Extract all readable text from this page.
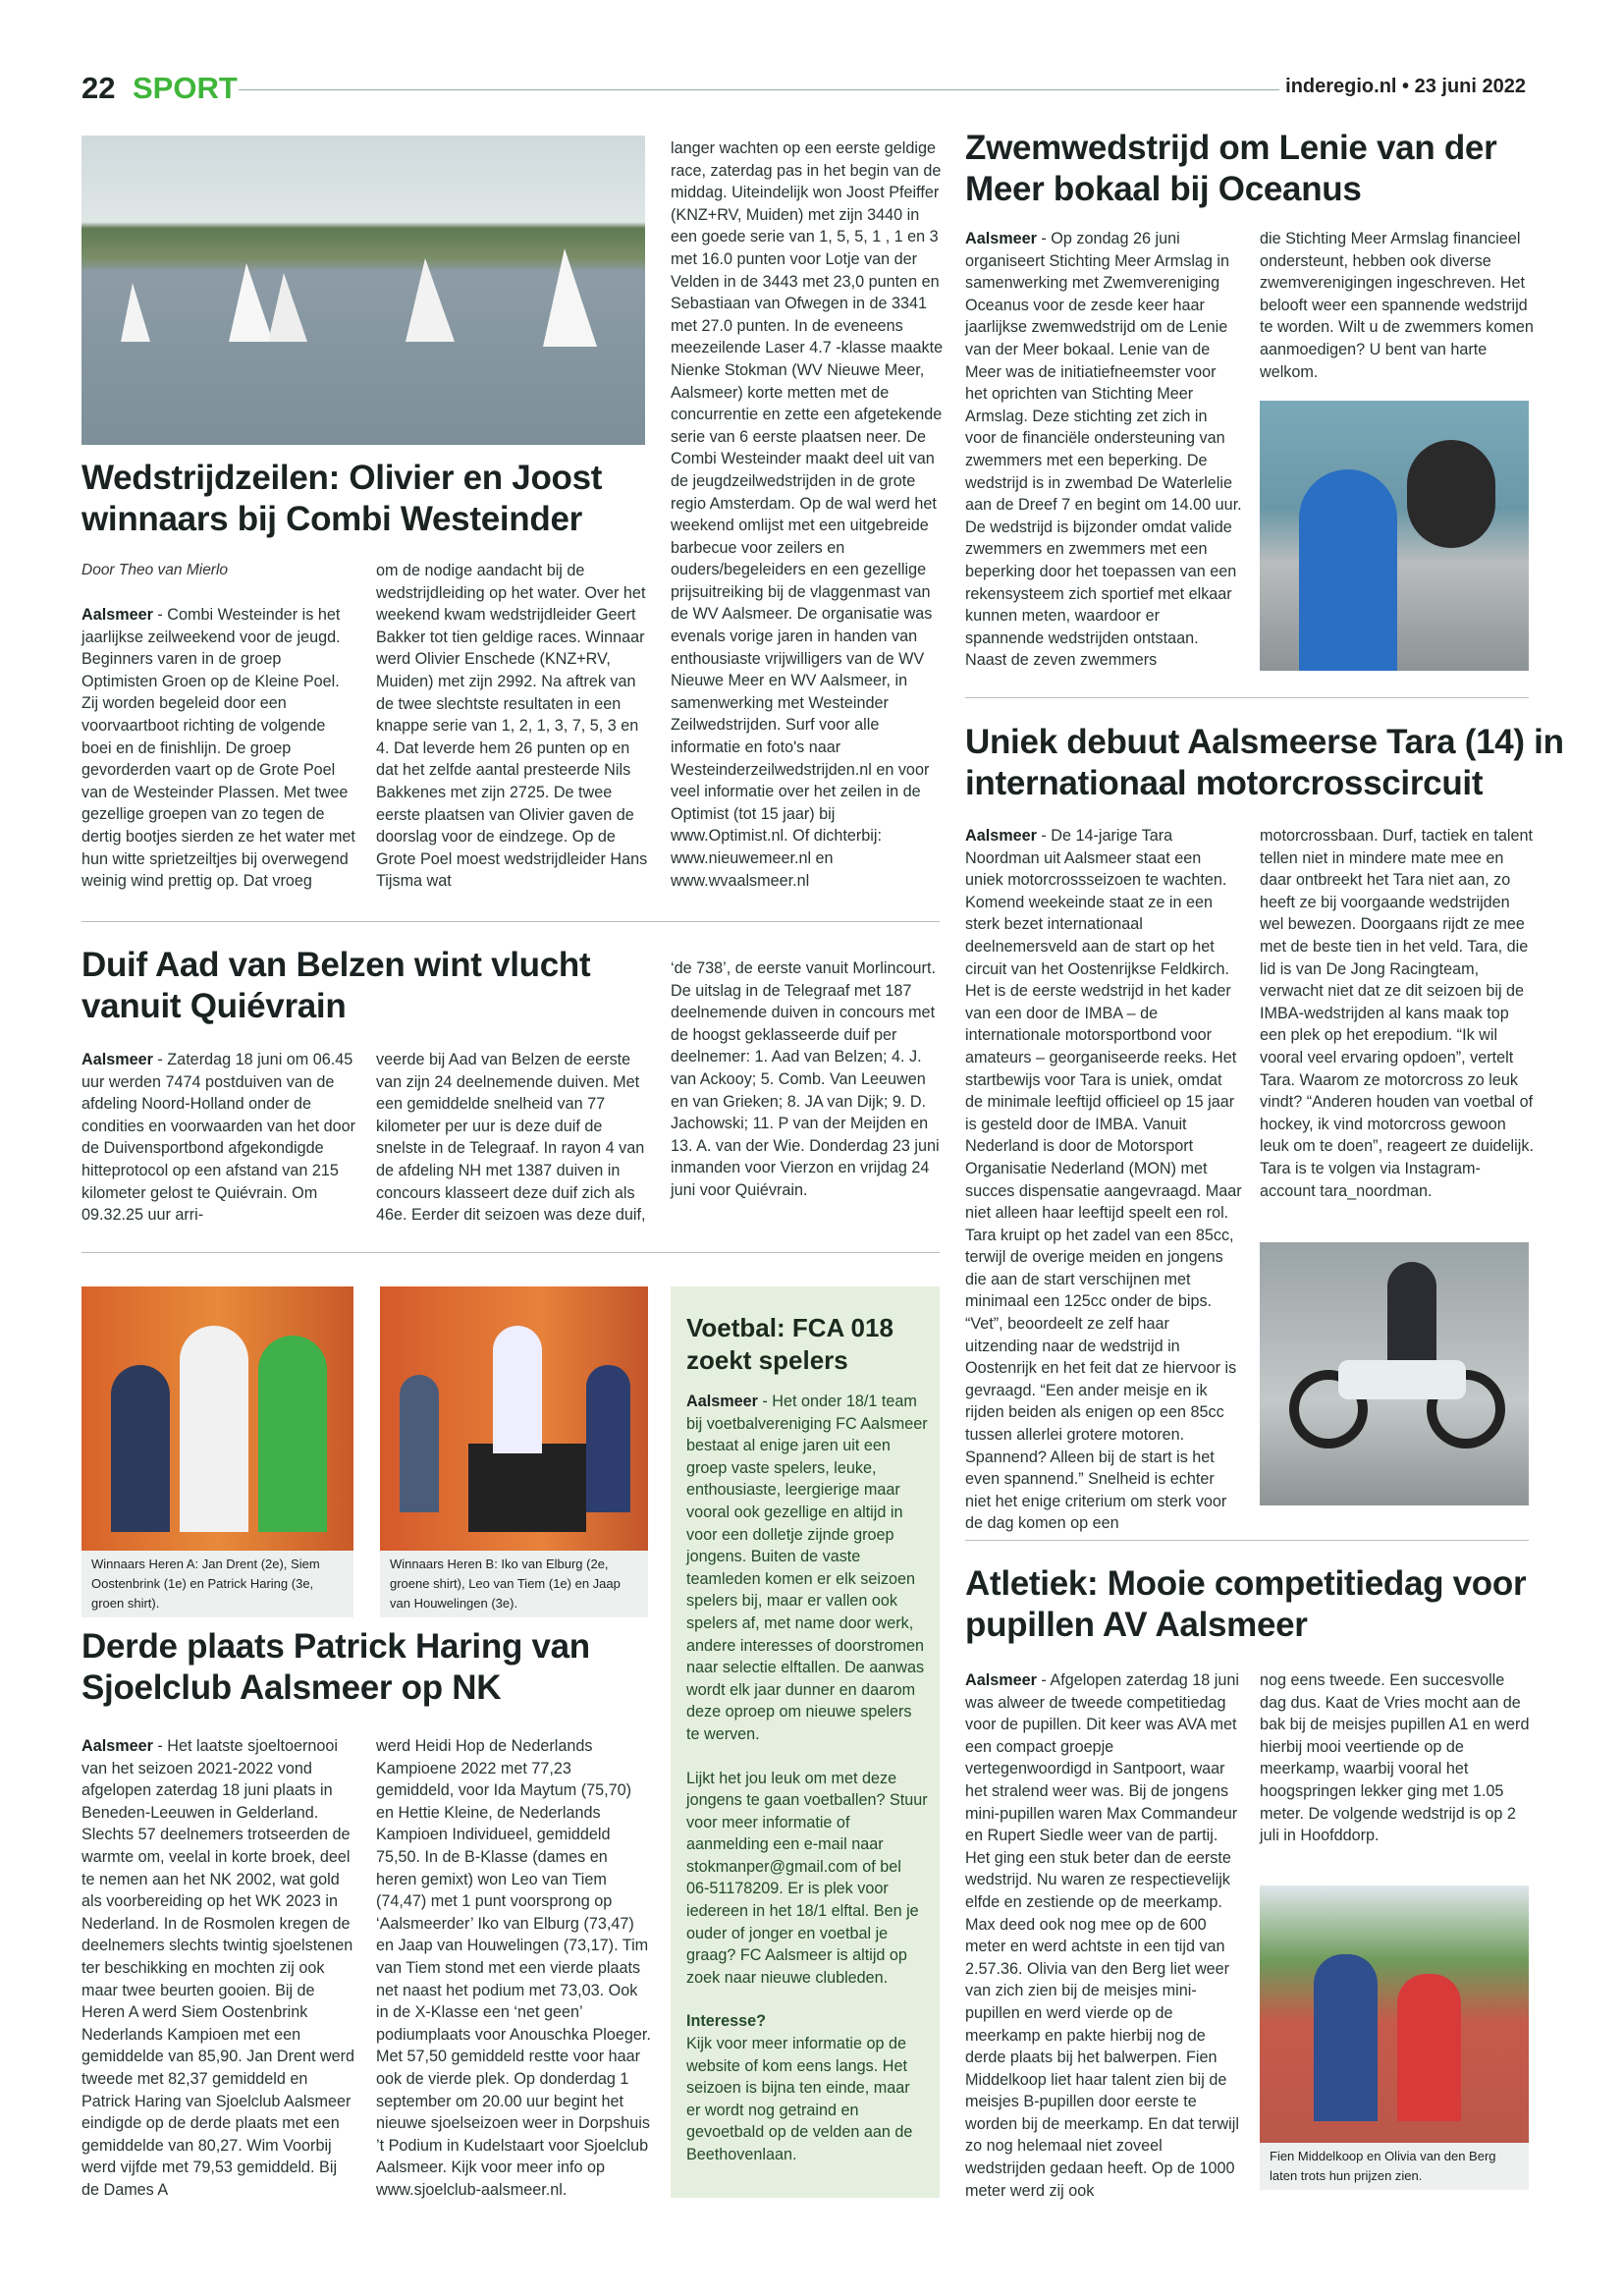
22 SPORT	inderegio.nl • 23 juni 2022
Wedstrijdzeilen: Olivier en Joost winnaars bij Combi Westeinder
Door Theo van Mierlo
Aalsmeer - Combi Westeinder is het jaarlijkse zeilweekend voor de jeugd. Beginners varen in de groep Optimisten Groen op de Kleine Poel. Zij worden begeleid door een voorvaartboot richting de volgende boei en de finishlijn. De groep gevorderden vaart op de Grote Poel van de Westeinder Plassen. Met twee gezellige groepen van zo tegen de dertig bootjes sierden ze het water met hun witte sprietzeiltjes bij overwegend weinig wind prettig op. Dat vroeg
om de nodige aandacht bij de wedstrijdleiding op het water. Over het weekend kwam wedstrijdleider Geert Bakker tot tien geldige races. Winnaar werd Olivier Enschede (KNZ+RV, Muiden) met zijn 2992. Na aftrek van de twee slechtste resultaten in een knappe serie van 1, 2, 1, 3, 7, 5, 3 en 4. Dat leverde hem 26 punten op en dat het zelfde aantal presteerde Nils Bakkenes met zijn 2725. De twee eerste plaatsen van Olivier gaven de doorslag voor de eindzege. Op de Grote Poel moest wedstrijdleider Hans Tijsma wat
langer wachten op een eerste geldige race, zaterdag pas in het begin van de middag. Uiteindelijk won Joost Pfeiffer (KNZ+RV, Muiden) met zijn 3440 in een goede serie van 1, 5, 5, 1 , 1 en 3 met 16.0 punten voor Lotje van der Velden in de 3443 met 23,0 punten en Sebastiaan van Ofwegen in de 3341 met 27.0 punten. In de eveneens meezeilende Laser 4.7 -klasse maakte Nienke Stokman (WV Nieuwe Meer, Aalsmeer) korte metten met de concurrentie en zette een afgetekende serie van 6 eerste plaatsen neer. De Combi Westeinder maakt deel uit van de jeugdzeilwedstrijden in de grote regio Amsterdam. Op de wal werd het weekend omlijst met een uitgebreide barbecue voor zeilers en ouders/begeleiders en een gezellige prijsuitreiking bij de vlaggenmast van de WV Aalsmeer. De organisatie was evenals vorige jaren in handen van enthousiaste vrijwilligers van de WV Nieuwe Meer en WV Aalsmeer, in samenwerking met Westeinder Zeilwedstrijden. Surf voor alle informatie en foto's naar Westeinderzeilwedstrijden.nl en voor veel informatie over het zeilen in de Optimist (tot 15 jaar) bij www.Optimist.nl. Of dichterbij: www.nieuwemeer.nl en www.wvaalsmeer.nl
Duif Aad van Belzen wint vlucht vanuit Quiévrain
Aalsmeer - Zaterdag 18 juni om 06.45 uur werden 7474 postduiven van de afdeling Noord-Holland onder de condities en voorwaarden van het door de Duivensportbond afgekondigde hitteprotocol op een afstand van 215 kilometer gelost te Quiévrain. Om 09.32.25 uur arri-
veerde bij Aad van Belzen de eerste van zijn 24 deelnemende duiven. Met een gemiddelde snelheid van 77 kilometer per uur is deze duif de snelste in de Telegraaf. In rayon 4 van de afdeling NH met 1387 duiven in concours klasseert deze duif zich als 46e. Eerder dit seizoen was deze duif,
‘de 738’, de eerste vanuit Morlincourt. De uitslag in de Telegraaf met 187 deelnemende duiven in concours met de hoogst geklasseerde duif per deelnemer: 1. Aad van Belzen; 4. J. van Ackooy; 5. Comb. Van Leeuwen en van Grieken; 8. JA van Dijk; 9. D. Jachowski; 11. P van der Meijden en 13. A. van der Wie. Donderdag 23 juni inmanden voor Vierzon en vrijdag 24 juni voor Quiévrain.
Winnaars Heren A: Jan Drent (2e), Siem Oostenbrink (1e) en Patrick Haring (3e, groen shirt).
Winnaars Heren B: Iko van Elburg (2e, groene shirt), Leo van Tiem (1e) en Jaap van Houwelingen (3e).
Derde plaats Patrick Haring van Sjoelclub Aalsmeer op NK
Aalsmeer - Het laatste sjoeltoernooi van het seizoen 2021-2022 vond afgelopen zaterdag 18 juni plaats in Beneden-Leeuwen in Gelderland. Slechts 57 deelnemers trotseerden de warmte om, veelal in korte broek, deel te nemen aan het NK 2002, wat gold als voorbereiding op het WK 2023 in Nederland. In de Rosmolen kregen de deelnemers slechts twintig sjoelstenen ter beschikking en mochten zij ook maar twee beurten gooien. Bij de Heren A werd Siem Oostenbrink Nederlands Kampioen met een gemiddelde van 85,90. Jan Drent werd tweede met 82,37 gemiddeld en Patrick Haring van Sjoelclub Aalsmeer eindigde op de derde plaats met een gemiddelde van 80,27. Wim Voorbij werd vijfde met 79,53 gemiddeld. Bij de Dames A
werd Heidi Hop de Nederlands Kampioene 2022 met 77,23 gemiddeld, voor Ida Maytum (75,70) en Hettie Kleine, de Nederlands Kampioen Individueel, gemiddeld 75,50. In de B-Klasse (dames en heren gemixt) won Leo van Tiem (74,47) met 1 punt voorsprong op ‘Aalsmeerder’ Iko van Elburg (73,47) en Jaap van Houwelingen (73,17). Tim van Tiem stond met een vierde plaats net naast het podium met 73,03. Ook in de X-Klasse een ‘net geen’ podiumplaats voor Anouschka Ploeger. Met 57,50 gemiddeld restte voor haar ook de vierde plek. Op donderdag 1 september om 20.00 uur begint het nieuwe sjoelseizoen weer in Dorpshuis ’t Podium in Kudelstaart voor Sjoelclub Aalsmeer. Kijk voor meer info op www.sjoelclub-aalsmeer.nl.
Voetbal: FCA 018 zoekt spelers
Aalsmeer - Het onder 18/1 team bij voetbalvereniging FC Aalsmeer bestaat al enige jaren uit een groep vaste spelers, leuke, enthousiaste, leergierige maar vooral ook gezellige en altijd in voor een dolletje zijnde groep jongens. Buiten de vaste teamleden komen er elk seizoen spelers bij, maar er vallen ook spelers af, met name door werk, andere interesses of doorstromen naar selectie elftallen. De aanwas wordt elk jaar dunner en daarom deze oproep om nieuwe spelers te werven.
Lijkt het jou leuk om met deze jongens te gaan voetballen? Stuur voor meer informatie of aanmelding een e-mail naar stokmanper@gmail.com of bel 06-51178209. Er is plek voor iedereen in het 18/1 elftal. Ben je ouder of jonger en voetbal je graag? FC Aalsmeer is altijd op zoek naar nieuwe clubleden.
Interesse?
Kijk voor meer informatie op de website of kom eens langs. Het seizoen is bijna ten einde, maar er wordt nog getraind en gevoetbald op de velden aan de Beethovenlaan.
Zwemwedstrijd om Lenie van der Meer bokaal bij Oceanus
Aalsmeer - Op zondag 26 juni organiseert Stichting Meer Armslag in samenwerking met Zwemvereniging Oceanus voor de zesde keer haar jaarlijkse zwemwedstrijd om de Lenie van der Meer bokaal. Lenie van de Meer was de initiatiefneemster voor het oprichten van Stichting Meer Armslag. Deze stichting zet zich in voor de financiële ondersteuning van zwemmers met een beperking. De wedstrijd is in zwembad De Waterlelie aan de Dreef 7 en begint om 14.00 uur. De wedstrijd is bijzonder omdat valide zwemmers en zwemmers met een beperking door het toepassen van een rekensysteem zich sportief met elkaar kunnen meten, waardoor er spannende wedstrijden ontstaan. Naast de zeven zwemmers
die Stichting Meer Armslag financieel ondersteunt, hebben ook diverse zwemverenigingen ingeschreven. Het belooft weer een spannende wedstrijd te worden. Wilt u de zwemmers komen aanmoedigen? U bent van harte welkom.
Uniek debuut Aalsmeerse Tara (14) in internationaal motorcrosscircuit
Aalsmeer - De 14-jarige Tara Noordman uit Aalsmeer staat een uniek motorcrossseizoen te wachten. Komend weekeinde staat ze in een sterk bezet internationaal deelnemersveld aan de start op het circuit van het Oostenrijkse Feldkirch. Het is de eerste wedstrijd in het kader van een door de IMBA – de internationale motorsportbond voor amateurs – georganiseerde reeks. Het startbewijs voor Tara is uniek, omdat de minimale leeftijd officieel op 15 jaar is gesteld door de IMBA. Vanuit Nederland is door de Motorsport Organisatie Nederland (MON) met succes dispensatie aangevraagd. Maar niet alleen haar leeftijd speelt een rol. Tara kruipt op het zadel van een 85cc, terwijl de overige meiden en jongens die aan de start verschijnen met minimaal een 125cc onder de bips. “Vet”, beoordeelt ze zelf haar uitzending naar de wedstrijd in Oostenrijk en het feit dat ze hiervoor is gevraagd. “Een ander meisje en ik rijden beiden als enigen op een 85cc tussen allerlei grotere motoren. Spannend? Alleen bij de start is het even spannend.” Snelheid is echter niet het enige criterium om sterk voor de dag komen op een
motorcrossbaan. Durf, tactiek en talent tellen niet in mindere mate mee en daar ontbreekt het Tara niet aan, zo heeft ze bij voorgaande wedstrijden wel bewezen. Doorgaans rijdt ze mee met de beste tien in het veld. Tara, die lid is van De Jong Racingteam, verwacht niet dat ze dit seizoen bij de IMBA-wedstrijden al kans maak top een plek op het erepodium. “Ik wil vooral veel ervaring opdoen”, vertelt Tara. Waarom ze motorcross zo leuk vindt? “Anderen houden van voetbal of hockey, ik vind motorcross gewoon leuk om te doen”, reageert ze duidelijk. Tara is te volgen via Instagram-account tara_noordman.
Atletiek: Mooie competitiedag voor pupillen AV Aalsmeer
Aalsmeer - Afgelopen zaterdag 18 juni was alweer de tweede competitiedag voor de pupillen. Dit keer was AVA met een compact groepje vertegenwoordigd in Santpoort, waar het stralend weer was. Bij de jongens mini-pupillen waren Max Commandeur en Rupert Siedle weer van de partij. Het ging een stuk beter dan de eerste wedstrijd. Nu waren ze respectievelijk elfde en zestiende op de meerkamp. Max deed ook nog mee op de 600 meter en werd achtste in een tijd van 2.57.36. Olivia van den Berg liet weer van zich zien bij de meisjes mini-pupillen en werd vierde op de meerkamp en pakte hierbij nog de derde plaats bij het balwerpen. Fien Middelkoop liet haar talent zien bij de meisjes B-pupillen door eerste te worden bij de meerkamp. En dat terwijl zo nog helemaal niet zoveel wedstrijden gedaan heeft. Op de 1000 meter werd zij ook
nog eens tweede. Een succesvolle dag dus. Kaat de Vries mocht aan de bak bij de meisjes pupillen A1 en werd hierbij mooi veertiende op de meerkamp, waarbij vooral het hoogspringen lekker ging met 1.05 meter. De volgende wedstrijd is op 2 juli in Hoofddorp.
Fien Middelkoop en Olivia van den Berg laten trots hun prijzen zien.
